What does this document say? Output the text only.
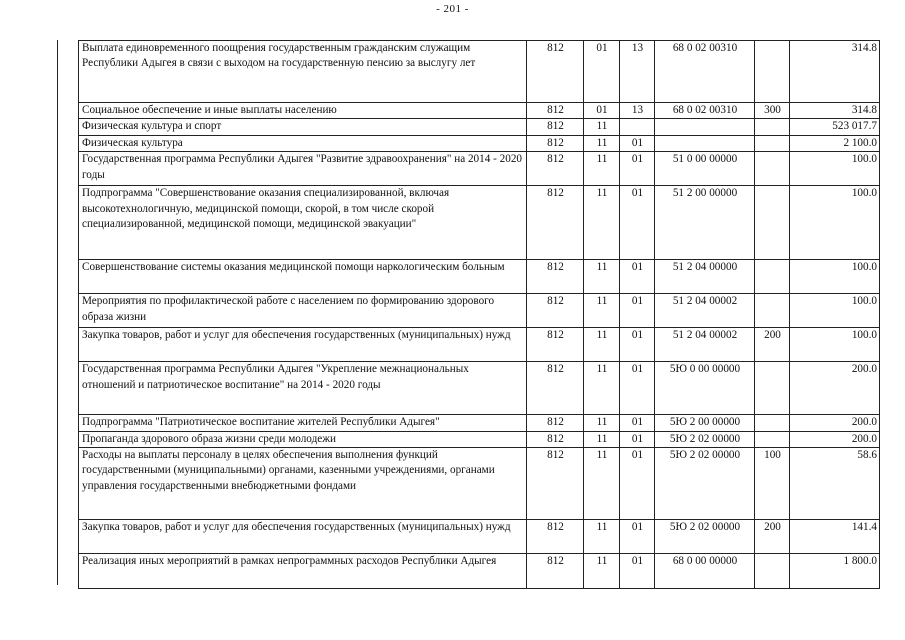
- 201 -
Выплата единовременного поощрения государственным гражданским служащим Республики Адыгея в связи с выходом на государственную пенсию за выслугу лет	812	01	13	68 0 02 00310		314.8
Социальное обеспечение и иные выплаты населению	812	01	13	68 0 02 00310	300	314.8
Физическая культура и спорт	812	11				523 017.7
Физическая культура	812	11	01			2 100.0
Государственная программа Республики Адыгея "Развитие здравоохранения" на 2014 - 2020 годы	812	11	01	51 0 00 00000		100.0
Подпрограмма "Совершенствование оказания специализированной, включая высокотехнологичную, медицинской помощи, скорой, в том числе скорой специализированной, медицинской помощи, медицинской эвакуации"	812	11	01	51 2 00 00000		100.0
Совершенствование системы оказания медицинской помощи наркологическим больным	812	11	01	51 2 04 00000		100.0
Мероприятия по профилактической работе с населением по формированию здорового образа жизни	812	11	01	51 2 04 00002		100.0
Закупка товаров, работ и услуг для обеспечения государственных (муниципальных) нужд	812	11	01	51 2 04 00002	200	100.0
Государственная программа Республики Адыгея "Укрепление межнациональных отношений и патриотическое воспитание" на 2014 - 2020 годы	812	11	01	5Ю 0 00 00000		200.0
Подпрограмма "Патриотическое воспитание жителей Республики Адыгея"	812	11	01	5Ю 2 00 00000		200.0
Пропаганда здорового образа жизни среди молодежи	812	11	01	5Ю 2 02 00000		200.0
Расходы на выплаты персоналу в целях обеспечения выполнения функций государственными (муниципальными) органами, казенными учреждениями, органами управления государственными внебюджетными фондами	812	11	01	5Ю 2 02 00000	100	58.6
Закупка товаров, работ и услуг для обеспечения государственных (муниципальных) нужд	812	11	01	5Ю 2 02 00000	200	141.4
Реализация иных мероприятий в рамках непрограммных расходов Республики Адыгея	812	11	01	68 0 00 00000		1 800.0
